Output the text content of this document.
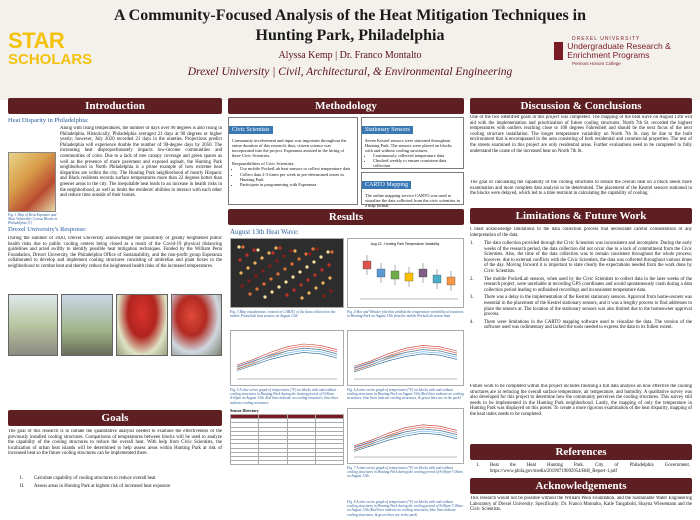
STAR
SCHOLARS
A Community-Focused Analysis of the Heat Mitigation Techniques in Hunting Park, Philadelphia
Alyssa Kemp | Dr. Franco Montalto
Drexel University | Civil, Architectural, & Environmental Engineering
DREXEL UNIVERSITY
Undergraduate Research & Enrichment Programs
Pennoni Honors College
Introduction
Heat Disparity in Philadelphia:
Along with rising temperatures, the number of days over 90 degrees is also rising in Philadelphia. Historically, Philadelphia averaged 21 days at 90 degrees or higher yearly; however, July 2020 recorded 21 days in the nineties. Projections predict Philadelphia will experience double the number of 90-degree days by 2050. The increasing heat disproportionately impacts low-income communities and communities of color. Due to a lack of tree canopy coverage and green spaces as well as the presence of more pavement and exposed asphalt, the Hunting Park neighborhood in North Philadelphia is a prime example of how extreme heat disparities are within the city. The Hunting Park neighborhood of mostly Hispanic and Black residents records surface temperatures more than 22 degrees hotter than greener areas in the city. The inequitable heat leads to an increase in health risks in the neighborhood, as well as limits the residents' abilities to interact with each other and reduce time outside of their homes.
Fig. 1 Map of Heat Exposure and Most Vulnerable Census Blocks in Philadelphia [1]
Drexel University's Response:
During the summer of 2020, Drexel University acknowledged the possibility of greatly heightened public health risks due to public cooling centers being closed as a result of the Covid-19 physical distancing guidelines and acted swiftly to identify possible heat mitigation techniques. Funded by the William Penn Foundation, Drexel University, the Philadelphia Office of Sustainability, and the non-profit group Esperanza collaborated to develop and implement cooling structures consisting of umbrellas and plant boxes in the neighborhood to combat heat and thereby reduce the heightened health risks of the increased temperatures.
Goals
The goal of this research is to initiate the quantitative analysis needed to examine the effectiveness of the previously installed cooling structures. Comparisons of temperatures between blocks will be used to analyze the capability of the cooling structures to reduce the overall heat. With help from Civic Scientists, the localization of urban heat islands will be determined to help assess areas within Hunting Park at risk of increased heat so the future cooling structures can be implemented there.
I.	Calculate capability of cooling structures to reduce overall heat
II.	Assess areas in Hunting Park at highest risk of increased heat exposure
Methodology
Civic Scientists
Community involvement and input was important throughout the entire duration of this research, thus, citizen science was incorporated into the project. Esperanza assisted in the hiring of three Civic Scientists.
Responsibilities of Civic Scientists:
• Use mobile PocketLab heat sensors to collect temperature data
• Collect data 2-3 times per week in pre-determined zones in Hunting Park
• Participate in programming with Esperanza
Stationary Sensors
Seven Kestrel sensors were stationed throughout Hunting Park. The sensors were placed on blocks with and without cooling structures.
• Continuously collected temperature data
• Checked weekly to ensure consistent data collection
CARTO Mapping
The online mapping service CARTO was used to visualize the data collected from the civic scientists in a map format.
Results
August 13th Heat Wave:
Fig. 3 Map visualization, created on CARTO, of the data collected on the mobile PocketLab heat sensors on August 13th
Aug 13 - Hunting Park Temperature Variability
Fig. 4 Box and Whisker plot that exhibits the temperature variability at locations in Hunting Park on August 13th from the mobile PocketLab sensor data
Fig. 5 A time series graph of temperature (°F) on blocks with and without cooling structures in Hunting Park during the heating period of 9:00am-4:00pm on August 13th. Red lines indicate no cooling structures, blue lines indicate cooling structures
Fig. 6 A time series graph of temperature (°F) on blocks with and without cooling structures in Hunting Park on August 13th (Red lines indicate no cooling structures, blue lines indicate cooling structures, & green lines are in the park)
Sensor Directory

Fig. 7 A time series graph of temperature (°F) on blocks with and without cooling structures in Hunting Park during the cooling period of 8:00pm-7:00am on August 13th
Fig. 8 A time series graph of temperature (°F) on blocks with and without cooling structures in Hunting Park during the cooling period of 9:00pm-7:00am on August 13th (Red lines indicate no cooling structures, blue lines indicate cooling structures, & green lines are in the park)
Discussion & Conclusions
One of the two identified goals in this project was completed. The mapping of the heat wave on August 13th will aid with the implementation and prioritization of future cooling structures. North 7th St. recorded the highest temperatures with outliers reaching close to 100 degrees Fahrenheit and should be the next focus of the next cooling structure installation. The longer temperature variability on North 7th St. may be due to the built environment that is encompassed in the area consisting of both residential and commercial properties. The rest of the streets examined in this project are only residential areas. Further evaluations need to be completed to fully understand the cause of the increased heat on North 7th St.
The goal of calculating the capability of the cooling structures to reduce the overall heat on a block needs more examination and more complete data analysis to be determined. The placement of the Kestrel sensors stationed in the blocks were delayed, which led to a time restraint in calculating the capability of cooling.
Limitations & Future Work
I must acknowledge limitations to the data collection process that necessitate careful consideration of any interpretation of the data.
1.	The data collection provided through the Civic Scientists was inconsistent and incomplete. During the early weeks of the research period, the data collection did not occur due to a lack of commitment from the Civic Scientists. Also, the time of the data collection was to remain consistent throughout the whole process; however, due to external conflicts with the Civic Scientists, the data was collected throughout various times of the day. Moving forward it is important to state clearly the expectations needed from the work done by Civic Scientists.
2.	The mobile PocketLab sensors, when used by the Civic Scientists to collect data in the later weeks of the research project, were unreliable at recording GPS coordinates and would spontaneously crash during a data collection period leading to unfinished recordings and inconsistent temperature data.
3.	There was a delay in the implementation of the Kestrel stationary sensors. Approval from home-owners was essential in the placement of the Kestrel stationary sensors, and it was a lengthy process to find addresses to place the sensors at. The location of the stationary sensors was also limited due to the homeowner approval process.
4.	There were limitations in the CARTO mapping software used to visualize the data. The version of the software used was rudimentary and lacked the tools needed to express the data to its fullest extent.
Future work to be completed within this project includes finishing a full data analysis on how effective the cooling structures are at reducing the overall surface temperature, air temperature, and humidity. A qualitative survey was also developed for this project to determine how the community perceives the cooling structures. This survey still needs to be implemented in the Hunting Park neighborhood. Lastly, the mapping of only the temperature in Hunting Park was displayed on this poster. To create a more rigorous examination of the heat disparity, mapping of the heat index needs to be completed.
References
1.	Beat the Heat Hunting Park. City of Philadelphia Government. https://www.phila.gov/media/20190719092954/BtH_Report-1.pdf
Acknowledgements
This research would not be possible without the William Penn Foundation, and the Sustainable Water Engineering Laboratory of Drexel University. Specifically: Dr. Franco Montalto, Katie Tangabold, Shayna Wiesemann and the Civic Scientists.
